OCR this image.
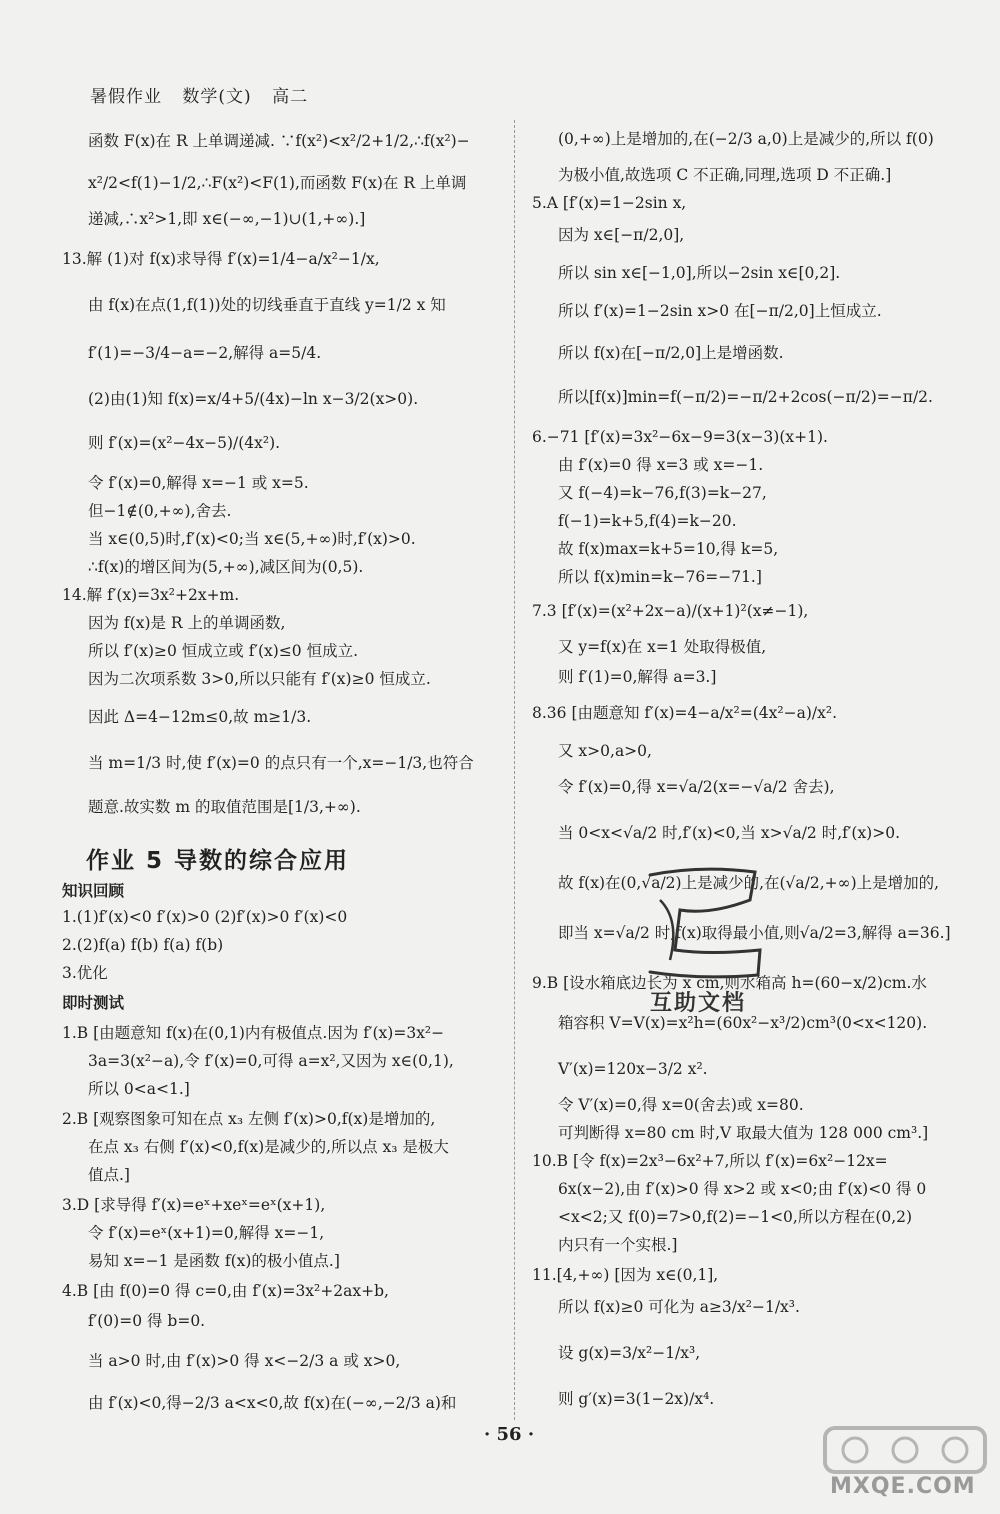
暑假作业 数学(文) 高二
函数 F(x)在 R 上单调递减. ∵f(x²)<x²/2+1/2,∴f(x²)−
x²/2<f(1)−1/2,∴F(x²)<F(1),而函数 F(x)在 R 上单调
递减,∴x²>1,即 x∈(−∞,−1)∪(1,+∞).]
13.解 (1)对 f(x)求导得 f′(x)=1/4−a/x²−1/x,
由 f(x)在点(1,f(1))处的切线垂直于直线 y=1/2 x 知
f′(1)=−3/4−a=−2,解得 a=5/4.
(2)由(1)知 f(x)=x/4+5/(4x)−ln x−3/2(x>0).
则 f′(x)=(x²−4x−5)/(4x²).
令 f′(x)=0,解得 x=−1 或 x=5.
但−1∉(0,+∞),舍去.
当 x∈(0,5)时,f′(x)<0;当 x∈(5,+∞)时,f′(x)>0.
∴f(x)的增区间为(5,+∞),减区间为(0,5).
14.解 f′(x)=3x²+2x+m.
因为 f(x)是 R 上的单调函数,
所以 f′(x)≥0 恒成立或 f′(x)≤0 恒成立.
因为二次项系数 3>0,所以只能有 f′(x)≥0 恒成立.
因此 Δ=4−12m≤0,故 m≥1/3.
当 m=1/3 时,使 f′(x)=0 的点只有一个,x=−1/3,也符合
题意.故实数 m 的取值范围是[1/3,+∞).
作业 5 导数的综合应用
知识回顾
1.(1)f′(x)<0 f′(x)>0 (2)f′(x)>0 f′(x)<0
2.(2)f(a) f(b) f(a) f(b)
3.优化
即时测试
1.B [由题意知 f(x)在(0,1)内有极值点.因为 f′(x)=3x²−
3a=3(x²−a),令 f′(x)=0,可得 a=x²,又因为 x∈(0,1),
所以 0<a<1.]
2.B [观察图象可知在点 x₃ 左侧 f′(x)>0,f(x)是增加的,
在点 x₃ 右侧 f′(x)<0,f(x)是减少的,所以点 x₃ 是极大
值点.]
3.D [求导得 f′(x)=eˣ+xeˣ=eˣ(x+1),
令 f′(x)=eˣ(x+1)=0,解得 x=−1,
易知 x=−1 是函数 f(x)的极小值点.]
4.B [由 f(0)=0 得 c=0,由 f′(x)=3x²+2ax+b,
f′(0)=0 得 b=0.
当 a>0 时,由 f′(x)>0 得 x<−2/3 a 或 x>0,
由 f′(x)<0,得−2/3 a<x<0,故 f(x)在(−∞,−2/3 a)和
(0,+∞)上是增加的,在(−2/3 a,0)上是减少的,所以 f(0)
为极小值,故选项 C 不正确,同理,选项 D 不正确.]
5.A [f′(x)=1−2sin x,
因为 x∈[−π/2,0],
所以 sin x∈[−1,0],所以−2sin x∈[0,2].
所以 f′(x)=1−2sin x>0 在[−π/2,0]上恒成立.
所以 f(x)在[−π/2,0]上是增函数.
所以[f(x)]min=f(−π/2)=−π/2+2cos(−π/2)=−π/2.
6.−71 [f′(x)=3x²−6x−9=3(x−3)(x+1).
由 f′(x)=0 得 x=3 或 x=−1.
又 f(−4)=k−76,f(3)=k−27,
f(−1)=k+5,f(4)=k−20.
故 f(x)max=k+5=10,得 k=5,
所以 f(x)min=k−76=−71.]
7.3 [f′(x)=(x²+2x−a)/(x+1)²(x≠−1),
又 y=f(x)在 x=1 处取得极值,
则 f′(1)=0,解得 a=3.]
8.36 [由题意知 f′(x)=4−a/x²=(4x²−a)/x².
又 x>0,a>0,
令 f′(x)=0,得 x=√a/2(x=−√a/2 舍去),
当 0<x<√a/2 时,f′(x)<0,当 x>√a/2 时,f′(x)>0.
故 f(x)在(0,√a/2)上是减少的,在(√a/2,+∞)上是增加的,
即当 x=√a/2 时,f(x)取得最小值,则√a/2=3,解得 a=36.]
9.B [设水箱底边长为 x cm,则水箱高 h=(60−x/2)cm.水
箱容积 V=V(x)=x²h=(60x²−x³/2)cm³(0<x<120).
V′(x)=120x−3/2 x².
令 V′(x)=0,得 x=0(舍去)或 x=80.
可判断得 x=80 cm 时,V 取最大值为 128 000 cm³.]
10.B [令 f(x)=2x³−6x²+7,所以 f′(x)=6x²−12x=
6x(x−2),由 f′(x)>0 得 x>2 或 x<0;由 f′(x)<0 得 0
<x<2;又 f(0)=7>0,f(2)=−1<0,所以方程在(0,2)
内只有一个实根.]
11.[4,+∞) [因为 x∈(0,1],
所以 f(x)≥0 可化为 a≥3/x²−1/x³.
设 g(x)=3/x²−1/x³,
则 g′(x)=3(1−2x)/x⁴.
互助文档
· 56 ·
MXQE.COM
